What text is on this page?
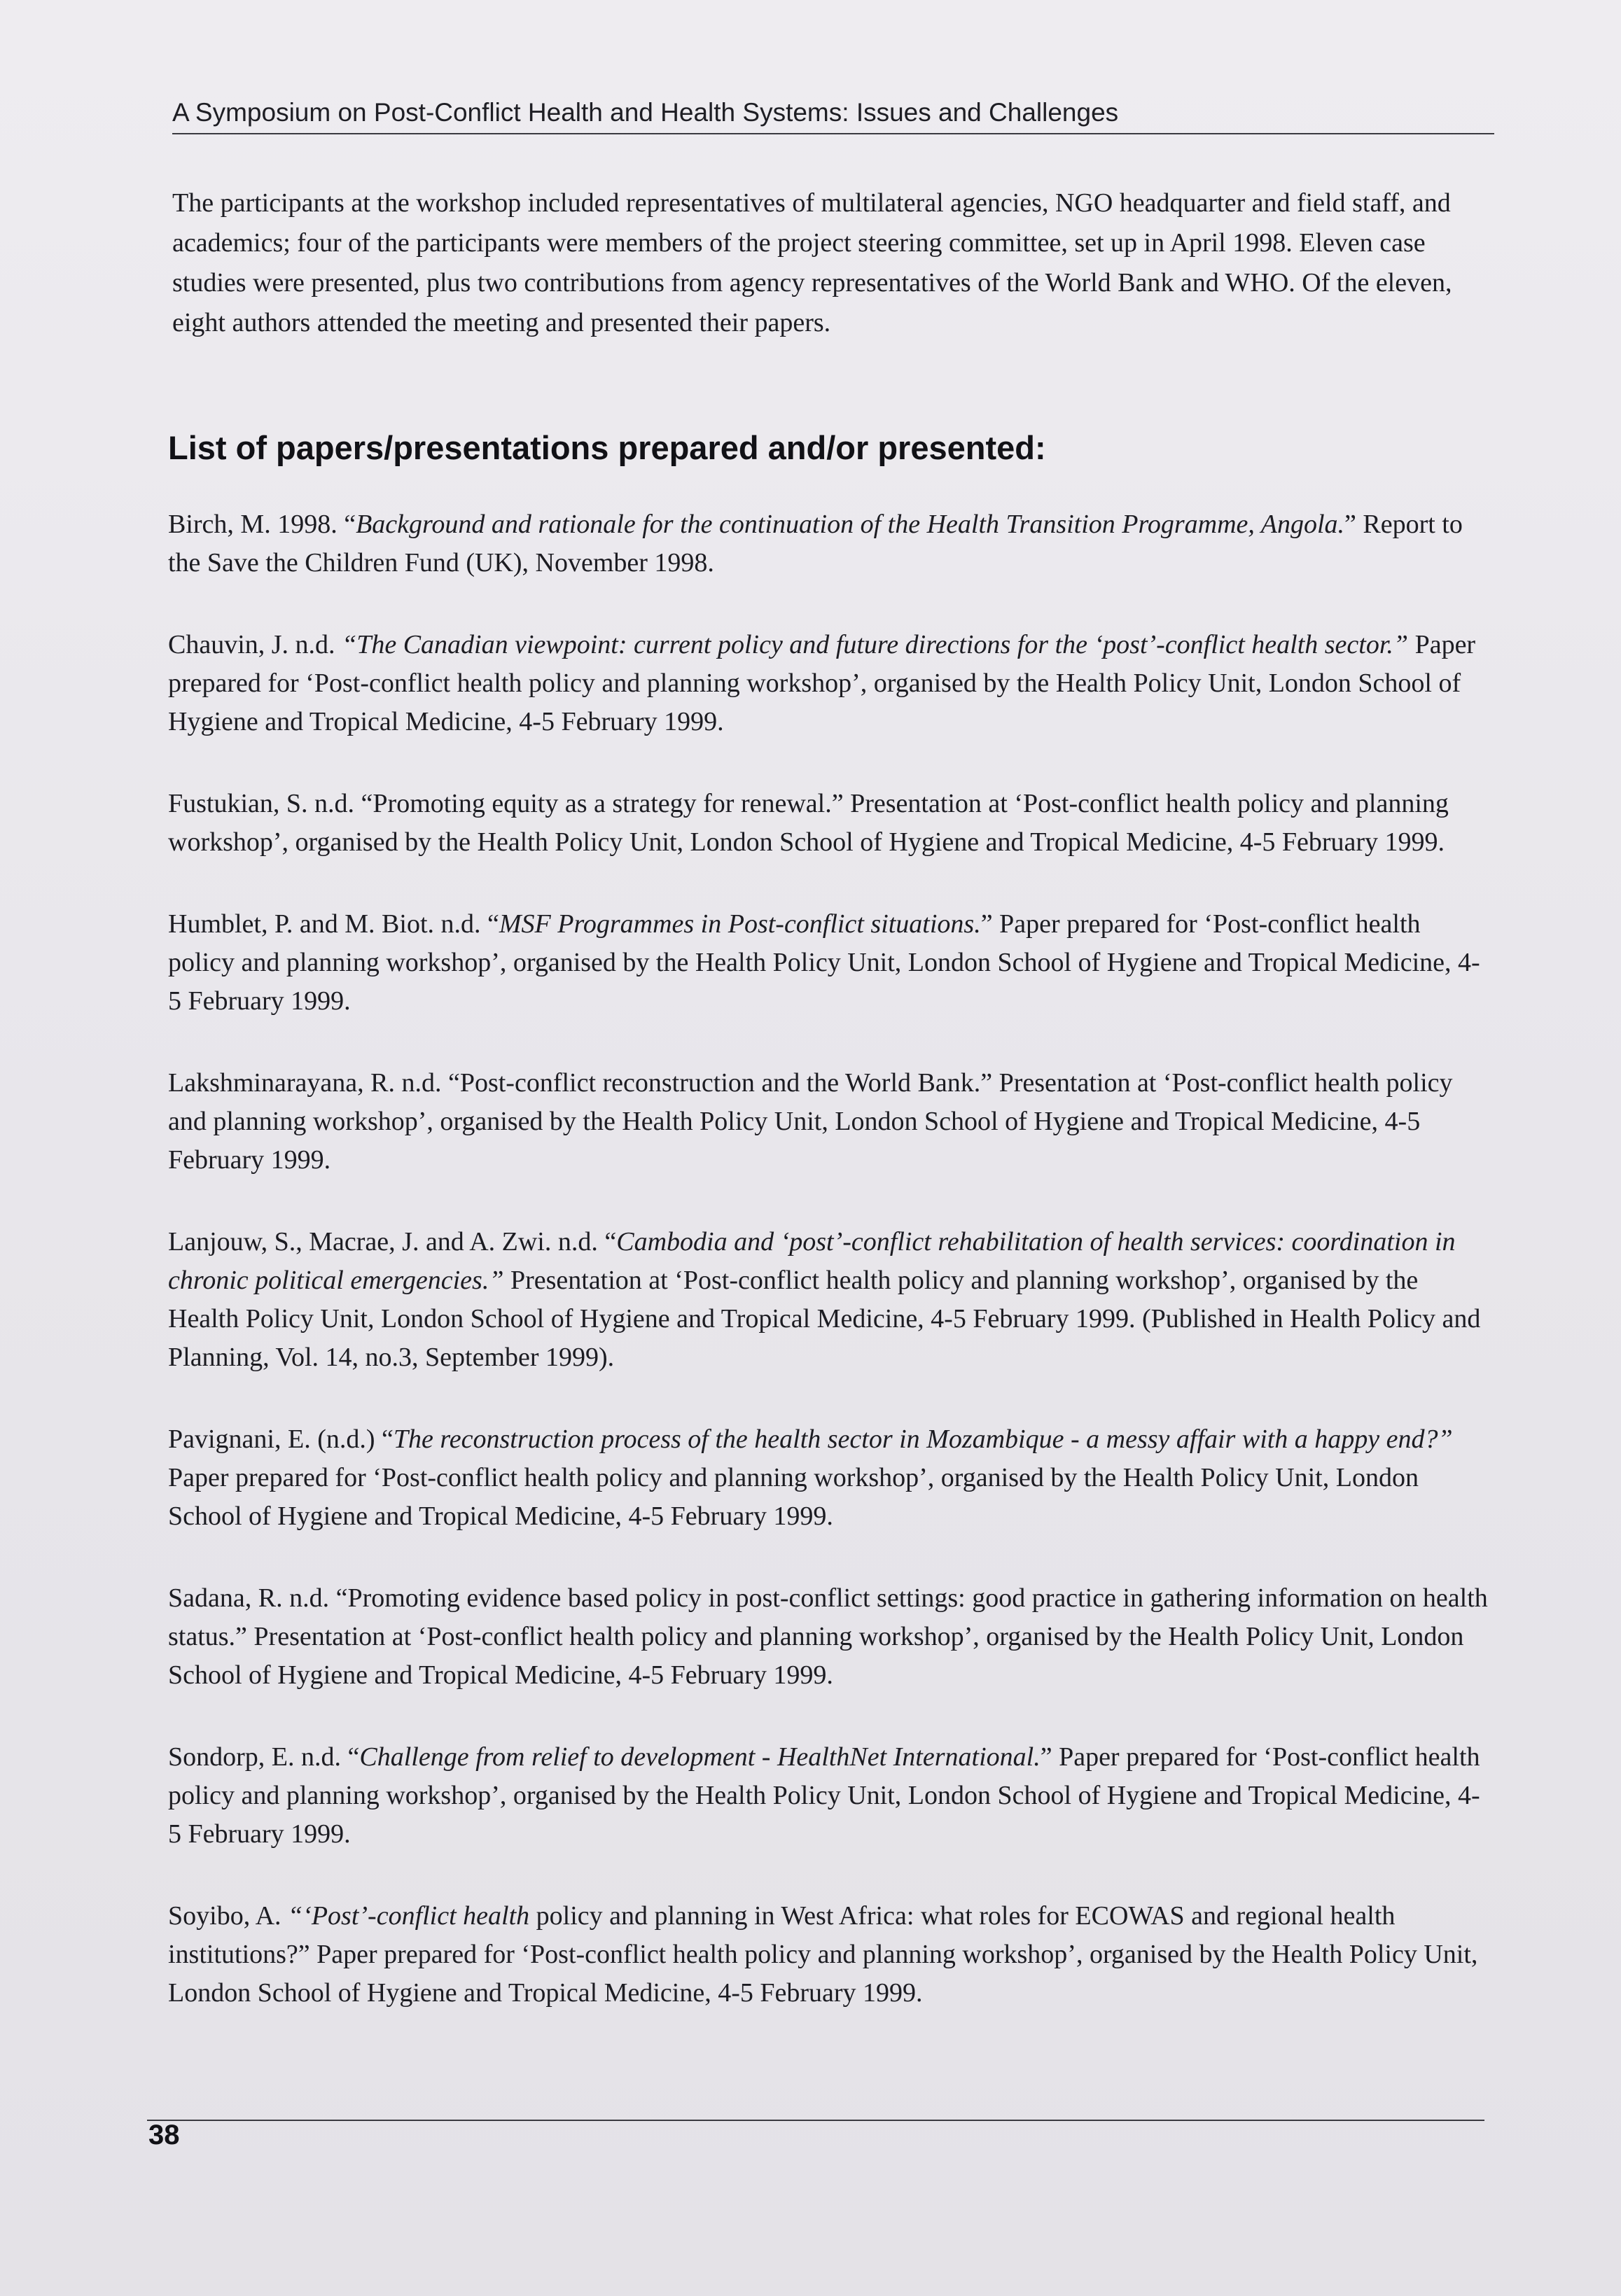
A Symposium on Post-Conflict Health and Health Systems: Issues and Challenges

The participants at the workshop included representatives of multilateral agencies, NGO headquarter and field staff, and academics; four of the participants were members of the project steering committee, set up in April 1998. Eleven case studies were presented, plus two contributions from agency representatives of the World Bank and WHO. Of the eleven, eight authors attended the meeting and presented their papers.

List of papers/presentations prepared and/or presented:
Birch, M. 1998. “Background and rationale for the continuation of the Health Transition Programme, Angola.” Report to the Save the Children Fund (UK), November 1998.
Chauvin, J. n.d. “The Canadian viewpoint: current policy and future directions for the ‘post’-conflict health sector.” Paper prepared for ‘Post-conflict health policy and planning workshop’, organised by the Health Policy Unit, London School of Hygiene and Tropical Medicine, 4-5 February 1999.
Fustukian, S. n.d. “Promoting equity as a strategy for renewal.” Presentation at ‘Post-conflict health policy and planning workshop’, organised by the Health Policy Unit, London School of Hygiene and Tropical Medicine, 4-5 February 1999.
Humblet, P. and M. Biot. n.d. “MSF Programmes in Post-conflict situations.” Paper prepared for ‘Post-conflict health policy and planning workshop’, organised by the Health Policy Unit, London School of Hygiene and Tropical Medicine, 4-5 February 1999.
Lakshminarayana, R. n.d. “Post-conflict reconstruction and the World Bank.” Presentation at ‘Post-conflict health policy and planning workshop’, organised by the Health Policy Unit, London School of Hygiene and Tropical Medicine, 4-5 February 1999.
Lanjouw, S., Macrae, J. and A. Zwi. n.d. “Cambodia and ‘post’-conflict rehabilitation of health services: coordination in chronic political emergencies.” Presentation at ‘Post-conflict health policy and planning workshop’, organised by the Health Policy Unit, London School of Hygiene and Tropical Medicine, 4-5 February 1999. (Published in Health Policy and Planning, Vol. 14, no.3, September 1999).
Pavignani, E. (n.d.) “The reconstruction process of the health sector in Mozambique - a messy affair with a happy end?” Paper prepared for ‘Post-conflict health policy and planning workshop’, organised by the Health Policy Unit, London School of Hygiene and Tropical Medicine, 4-5 February 1999.
Sadana, R. n.d. “Promoting evidence based policy in post-conflict settings: good practice in gathering information on health status.” Presentation at ‘Post-conflict health policy and planning workshop’, organised by the Health Policy Unit, London School of Hygiene and Tropical Medicine, 4-5 February 1999.
Sondorp, E. n.d. “Challenge from relief to development - HealthNet International.” Paper prepared for ‘Post-conflict health policy and planning workshop’, organised by the Health Policy Unit, London School of Hygiene and Tropical Medicine, 4-5 February 1999.
Soyibo, A. “‘Post’-conflict health policy and planning in West Africa: what roles for ECOWAS and regional health institutions?” Paper prepared for ‘Post-conflict health policy and planning workshop’, organised by the Health Policy Unit, London School of Hygiene and Tropical Medicine, 4-5 February 1999.
38
